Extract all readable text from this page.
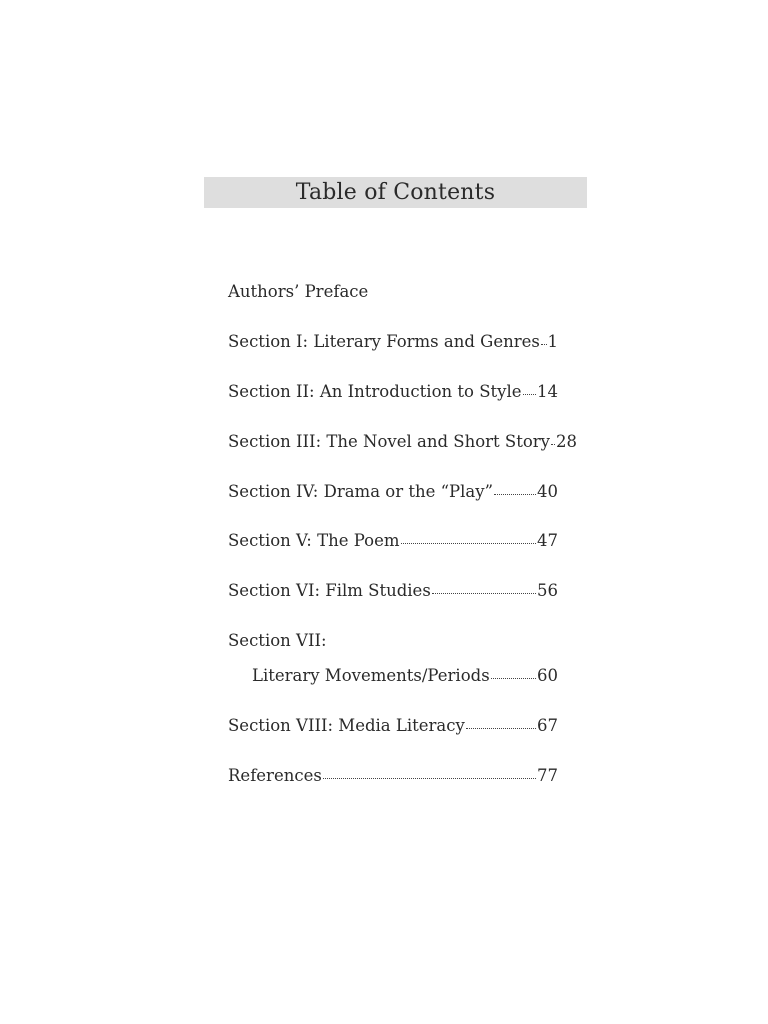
Table of Contents
Authors’ Preface
Section I: Literary Forms and Genres 1
Section II: An Introduction to Style 14
Section III: The Novel and Short Story 28
Section IV: Drama or the “Play”	40
Section V: The Poem	47
Section VI: Film Studies	56
Section VII:
Literary Movements/Periods	60
Section VIII: Media Literacy	67
References	77
